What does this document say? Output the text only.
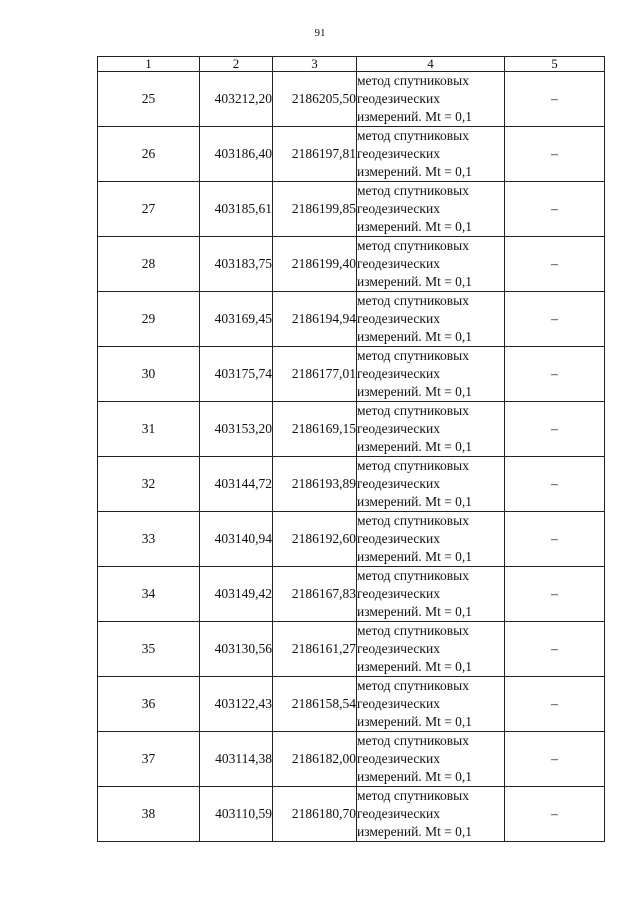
91
1	2	3	4	5
25	403212,20	2186205,50	метод спутниковых
геодезических
измерений. Mt = 0,1	–
26	403186,40	2186197,81	метод спутниковых
геодезических
измерений. Mt = 0,1	–
27	403185,61	2186199,85	метод спутниковых
геодезических
измерений. Mt = 0,1	–
28	403183,75	2186199,40	метод спутниковых
геодезических
измерений. Mt = 0,1	–
29	403169,45	2186194,94	метод спутниковых
геодезических
измерений. Mt = 0,1	–
30	403175,74	2186177,01	метод спутниковых
геодезических
измерений. Mt = 0,1	–
31	403153,20	2186169,15	метод спутниковых
геодезических
измерений. Mt = 0,1	–
32	403144,72	2186193,89	метод спутниковых
геодезических
измерений. Mt = 0,1	–
33	403140,94	2186192,60	метод спутниковых
геодезических
измерений. Mt = 0,1	–
34	403149,42	2186167,83	метод спутниковых
геодезических
измерений. Mt = 0,1	–
35	403130,56	2186161,27	метод спутниковых
геодезических
измерений. Mt = 0,1	–
36	403122,43	2186158,54	метод спутниковых
геодезических
измерений. Mt = 0,1	–
37	403114,38	2186182,00	метод спутниковых
геодезических
измерений. Mt = 0,1	–
38	403110,59	2186180,70	метод спутниковых
геодезических
измерений. Mt = 0,1	–
